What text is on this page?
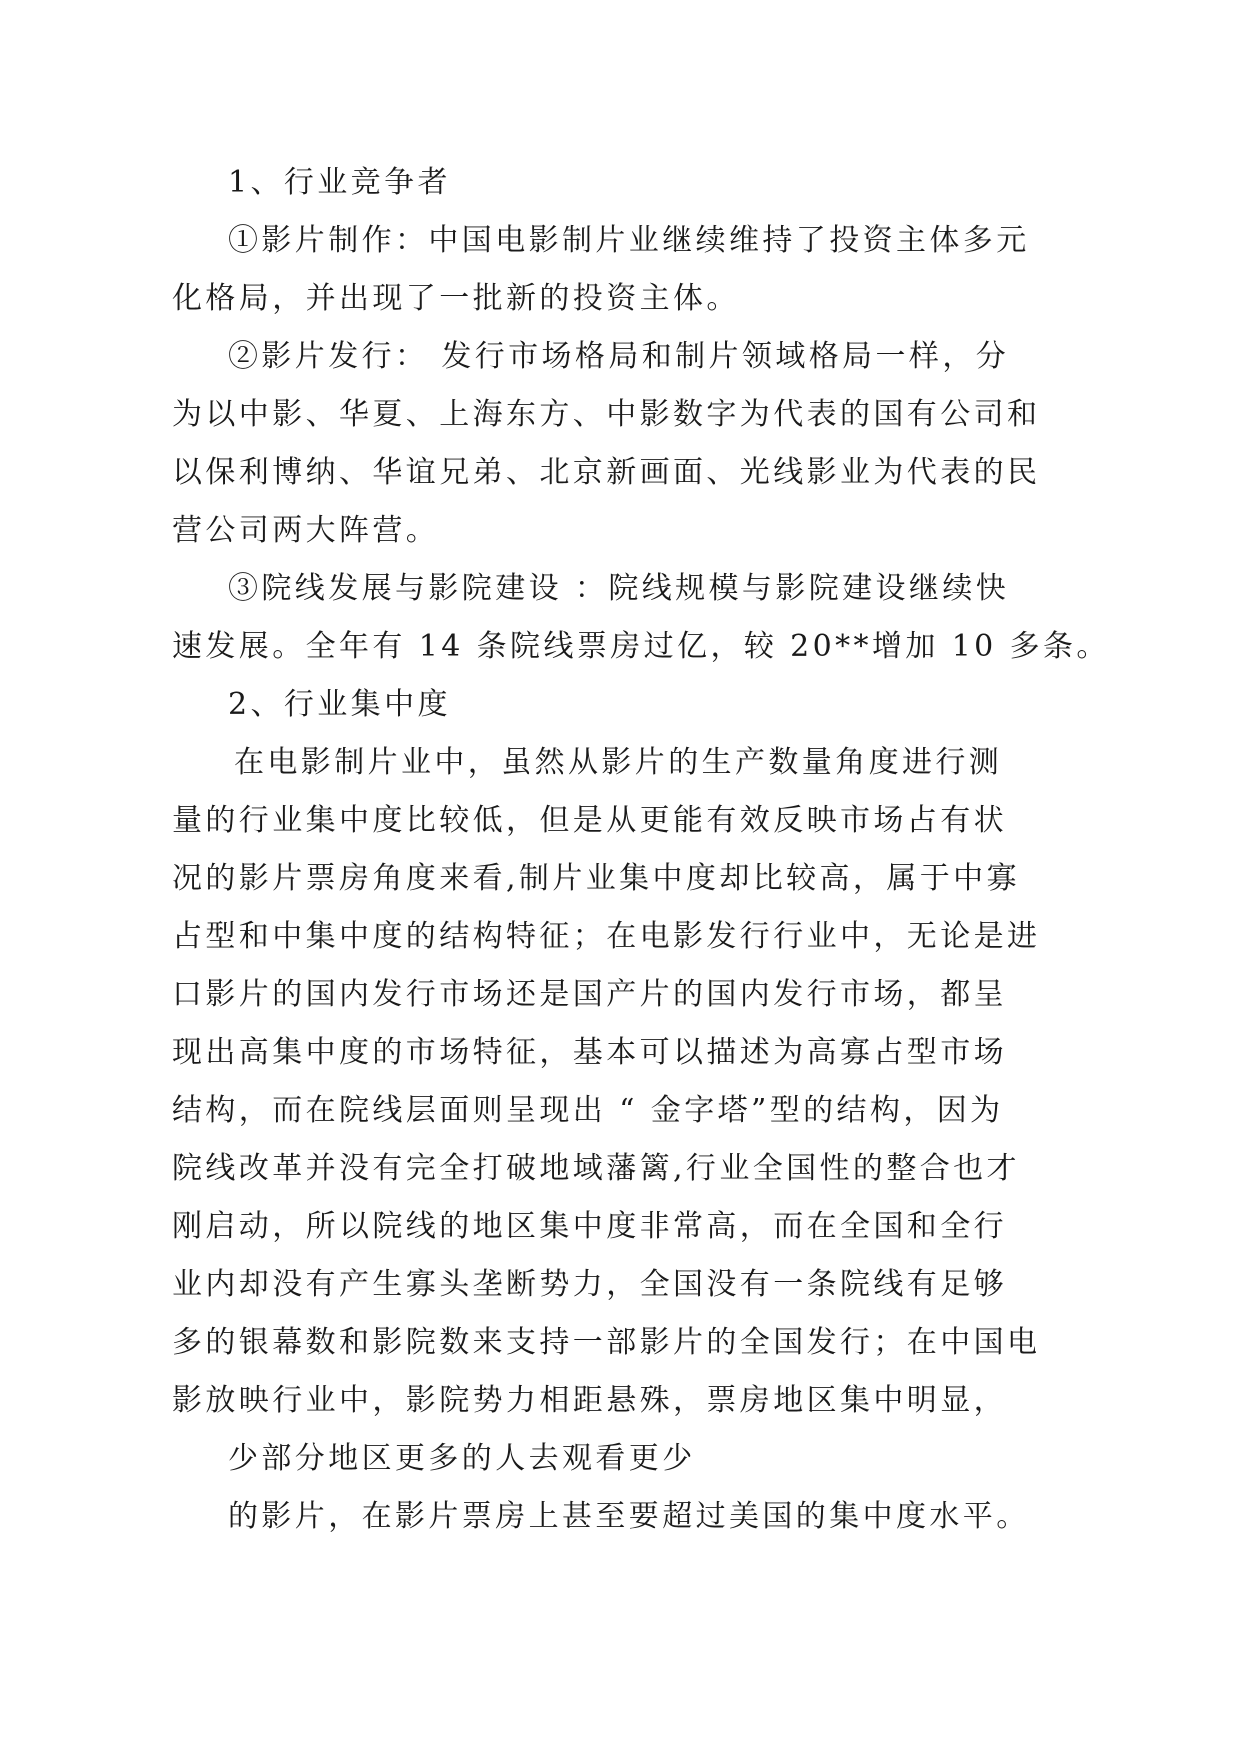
1、行业竞争者
①影片制作：中国电影制片业继续维持了投资主体多元
化格局，并出现了一批新的投资主体。
②影片发行： 发行市场格局和制片领域格局一样，分
为以中影、华夏、上海东方、中影数字为代表的国有公司和
以保利博纳、华谊兄弟、北京新画面、光线影业为代表的民
营公司两大阵营。
③院线发展与影院建设 ：院线规模与影院建设继续快
速发展。全年有 14 条院线票房过亿，较 20**增加 10 多条。
2、行业集中度
在电影制片业中，虽然从影片的生产数量角度进行测
量的行业集中度比较低，但是从更能有效反映市场占有状
况的影片票房角度来看,制片业集中度却比较高，属于中寡
占型和中集中度的结构特征；在电影发行行业中，无论是进
口影片的国内发行市场还是国产片的国内发行市场，都呈
现出高集中度的市场特征，基本可以描述为高寡占型市场
结构，而在院线层面则呈现出 “ 金字塔”型的结构，因为
院线改革并没有完全打破地域藩篱,行业全国性的整合也才
刚启动，所以院线的地区集中度非常高，而在全国和全行
业内却没有产生寡头垄断势力，全国没有一条院线有足够
多的银幕数和影院数来支持一部影片的全国发行；在中国电
影放映行业中，影院势力相距悬殊，票房地区集中明显，
少部分地区更多的人去观看更少
的影片，在影片票房上甚至要超过美国的集中度水平。
